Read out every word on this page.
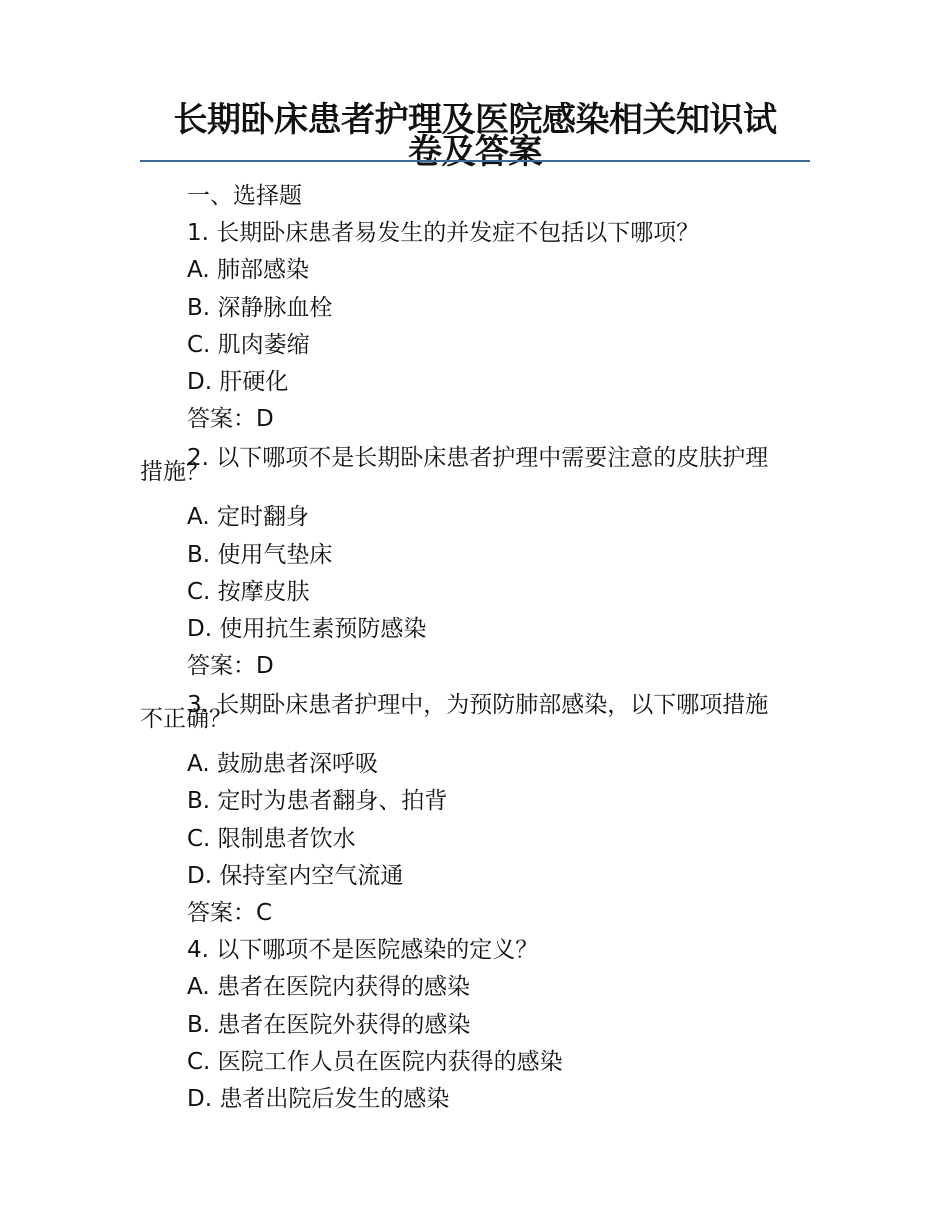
长期卧床患者护理及医院感染相关知识试
卷及答案
一、选择题
1. 长期卧床患者易发生的并发症不包括以下哪项？
A. 肺部感染
B. 深静脉血栓
C. 肌肉萎缩
D. 肝硬化
答案：D
2. 以下哪项不是长期卧床患者护理中需要注意的皮肤护理
措施？
A. 定时翻身
B. 使用气垫床
C. 按摩皮肤
D. 使用抗生素预防感染
答案：D
3. 长期卧床患者护理中，为预防肺部感染，以下哪项措施
不正确？
A. 鼓励患者深呼吸
B. 定时为患者翻身、拍背
C. 限制患者饮水
D. 保持室内空气流通
答案：C
4. 以下哪项不是医院感染的定义？
A. 患者在医院内获得的感染
B. 患者在医院外获得的感染
C. 医院工作人员在医院内获得的感染
D. 患者出院后发生的感染
